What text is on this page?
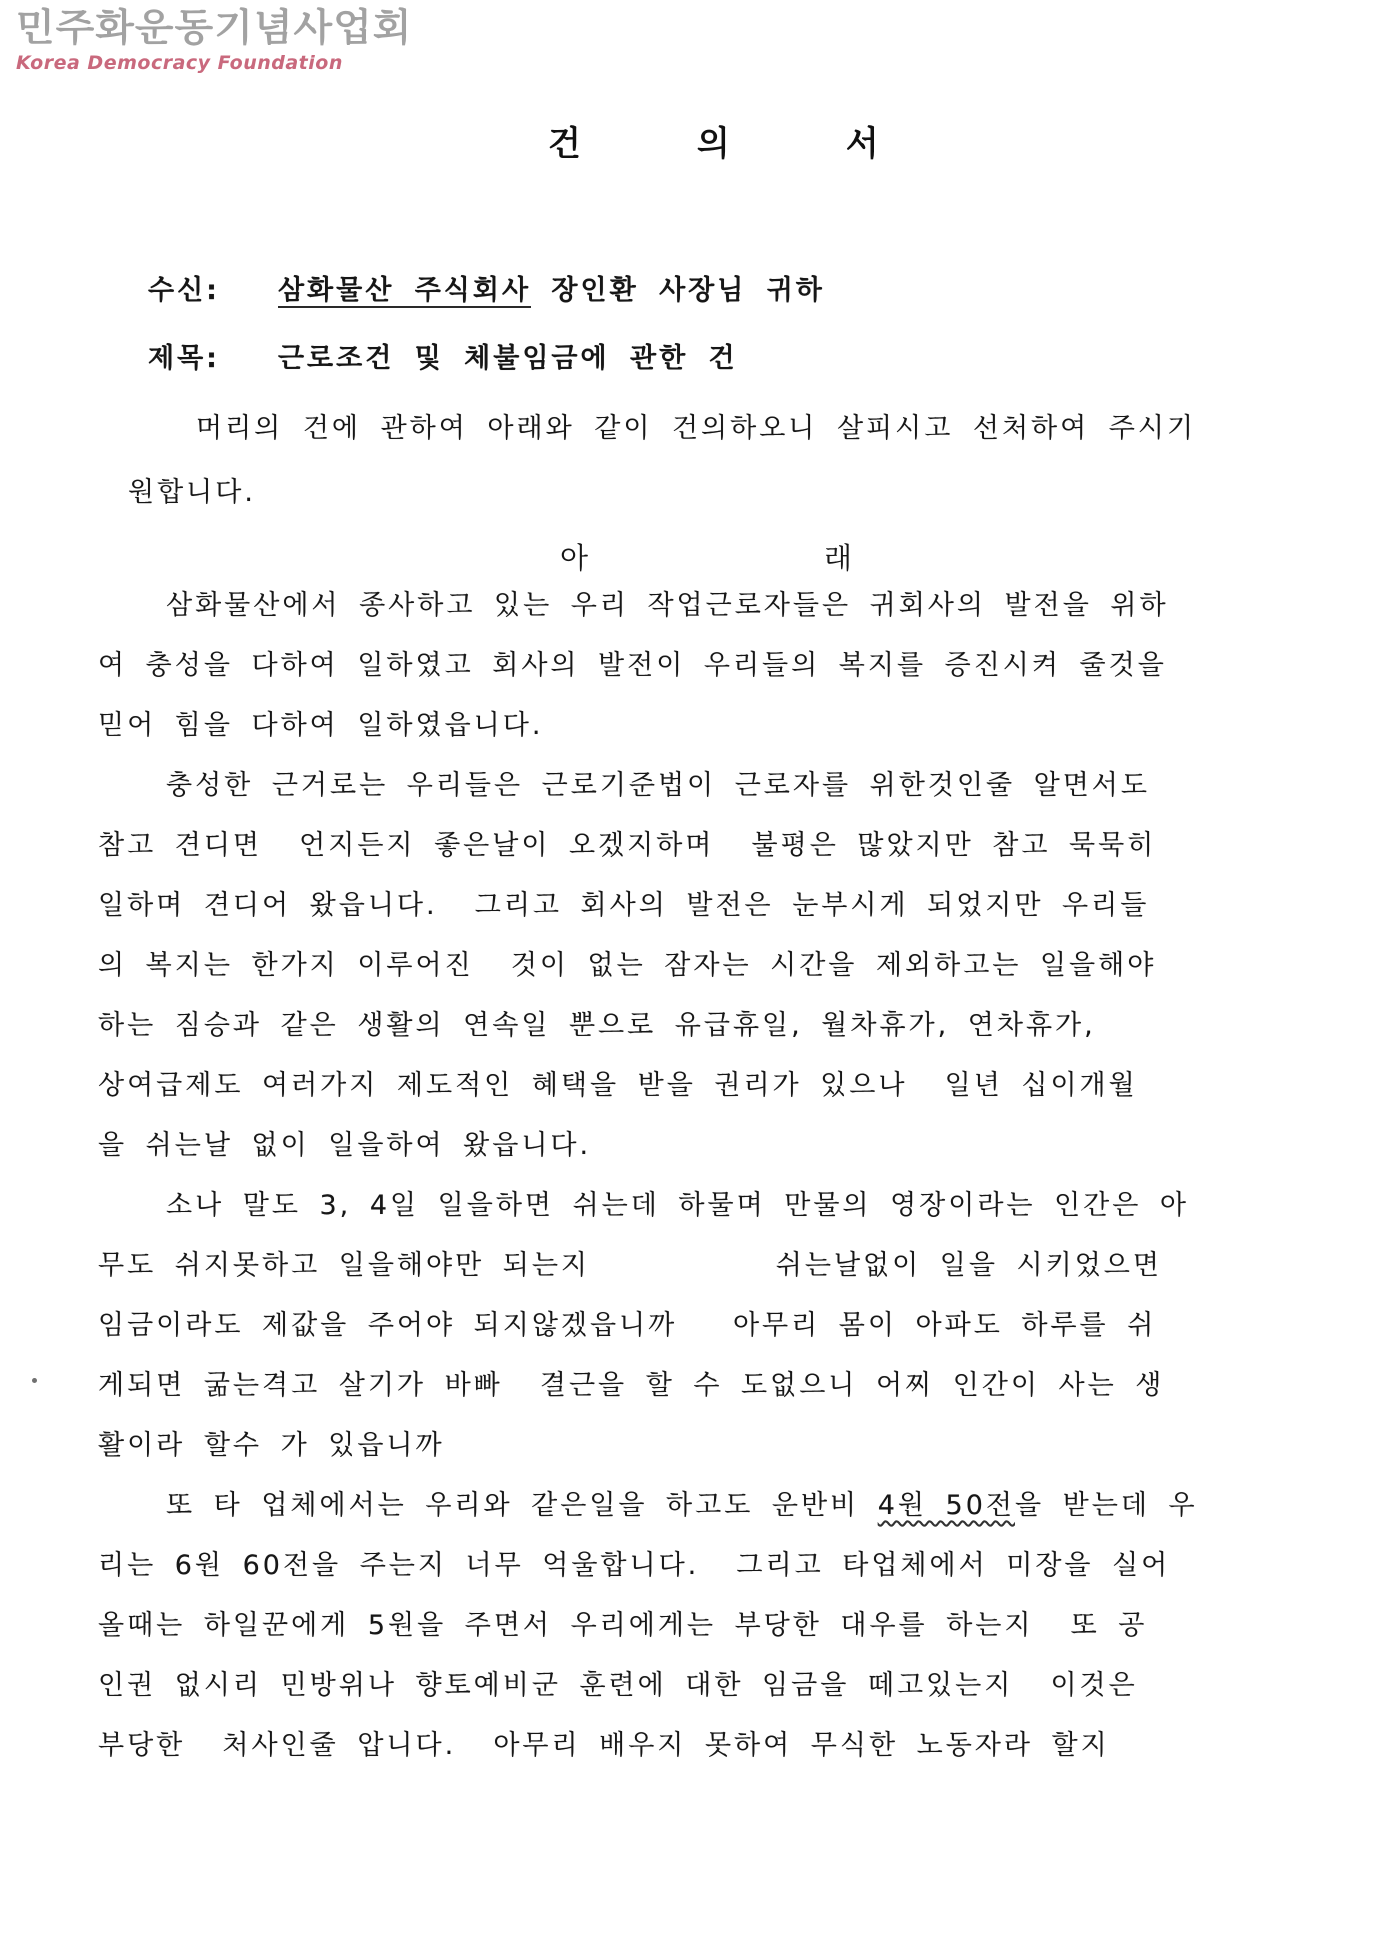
민주화운동기념사업회
Korea Democracy Foundation
건	의	서
수신: 삼화물산 주식회사 장인환 사장님 귀하
제목: 근로조건 및 체불임금에 관한 건
머리의 건에 관하여 아래와 같이 건의하오니 살피시고 선처하여 주시기
원합니다.
아	래
삼화물산에서 종사하고 있는 우리 작업근로자들은 귀회사의 발전을 위하
여 충성을 다하여 일하였고 회사의 발전이 우리들의 복지를 증진시켜 줄것을
믿어 힘을 다하여 일하였읍니다.
충성한 근거로는 우리들은 근로기준법이 근로자를 위한것인줄 알면서도
참고 견디면  언지든지 좋은날이 오겠지하며  불평은 많았지만 참고 묵묵히
일하며 견디어 왔읍니다.  그리고 회사의 발전은 눈부시게 되었지만 우리들
의 복지는 한가지 이루어진  것이 없는 잠자는 시간을 제외하고는 일을해야
하는 짐승과 같은 생활의 연속일 뿐으로 유급휴일, 월차휴가, 연차휴가,
상여급제도 여러가지 제도적인 혜택을 받을 권리가 있으나  일년 십이개월
을 쉬는날 없이 일을하여 왔읍니다.
소나 말도 3, 4일 일을하면 쉬는데 하물며 만물의 영장이라는 인간은 아
무도 쉬지못하고 일을해야만 되는지          쉬는날없이 일을 시키었으면
임금이라도 제값을 주어야 되지않겠읍니까   아무리 몸이 아파도 하루를 쉬
게되면 굶는격고 살기가 바빠  결근을 할 수 도없으니 어찌 인간이 사는 생
활이라 할수 가 있읍니까
또 타 업체에서는 우리와 같은일을 하고도 운반비 4원 50전을 받는데 우
리는 6원 60전을 주는지 너무 억울합니다.  그리고 타업체에서 미장을 실어
올때는 하일꾼에게 5원을 주면서 우리에게는 부당한 대우를 하는지  또 공
인권 없시리 민방위나 향토예비군 훈련에 대한 임금을 떼고있는지  이것은
부당한  처사인줄 압니다.  아무리 배우지 못하여 무식한 노동자라 할지
